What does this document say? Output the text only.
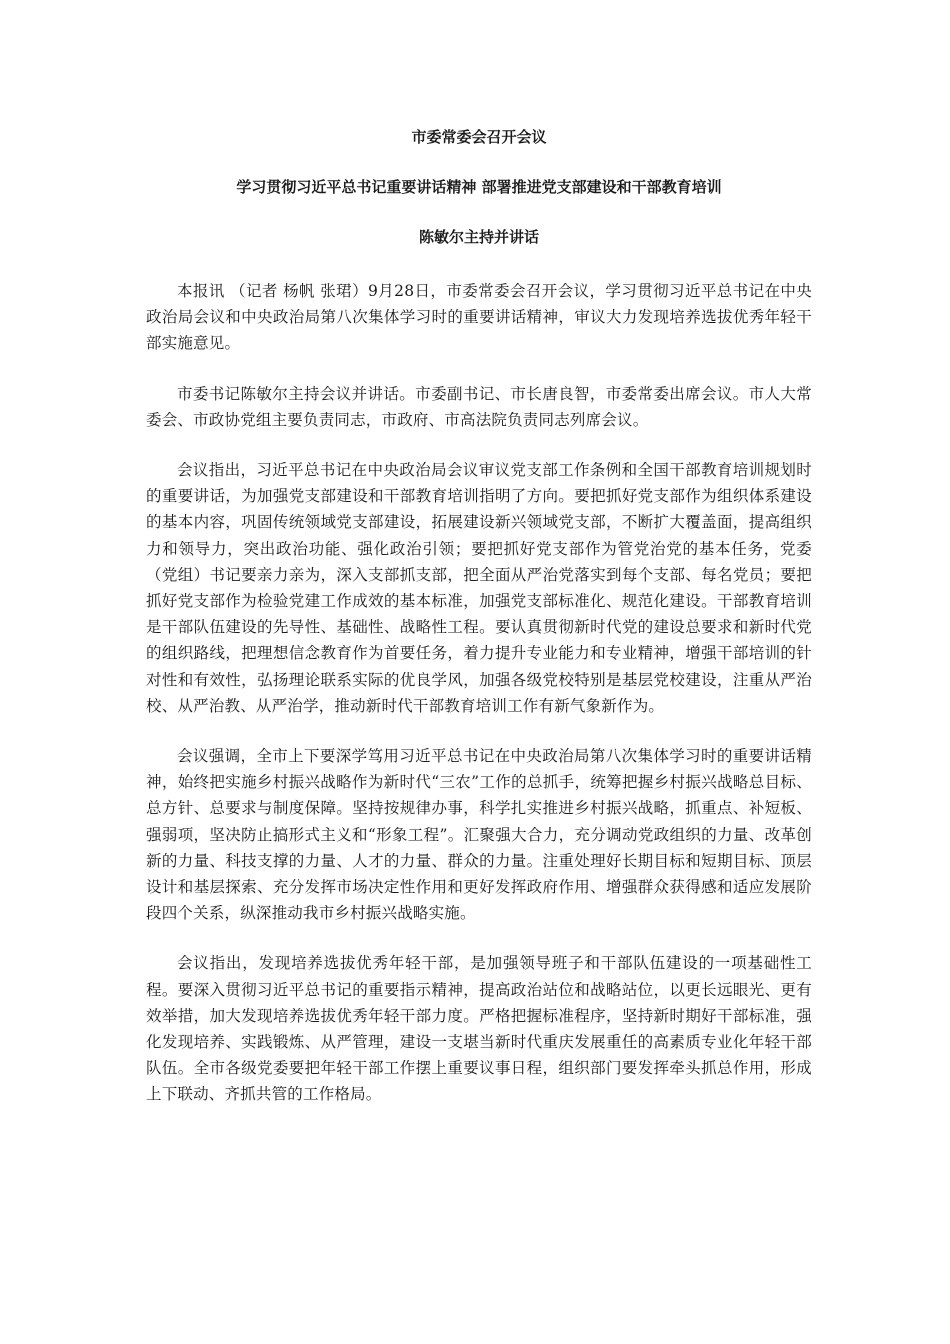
市委常委会召开会议
学习贯彻习近平总书记重要讲话精神 部署推进党支部建设和干部教育培训
陈敏尔主持并讲话

本报讯 （记者 杨帆 张珺）9月28日，市委常委会召开会议，学习贯彻习近平总书记在中央政治局会议和中央政治局第八次集体学习时的重要讲话精神，审议大力发现培养选拔优秀年轻干部实施意见。

市委书记陈敏尔主持会议并讲话。市委副书记、市长唐良智，市委常委出席会议。市人大常委会、市政协党组主要负责同志，市政府、市高法院负责同志列席会议。

会议指出，习近平总书记在中央政治局会议审议党支部工作条例和全国干部教育培训规划时的重要讲话，为加强党支部建设和干部教育培训指明了方向。要把抓好党支部作为组织体系建设的基本内容，巩固传统领域党支部建设，拓展建设新兴领域党支部，不断扩大覆盖面，提高组织力和领导力，突出政治功能、强化政治引领；要把抓好党支部作为管党治党的基本任务，党委（党组）书记要亲力亲为，深入支部抓支部，把全面从严治党落实到每个支部、每名党员；要把抓好党支部作为检验党建工作成效的基本标准，加强党支部标准化、规范化建设。干部教育培训是干部队伍建设的先导性、基础性、战略性工程。要认真贯彻新时代党的建设总要求和新时代党的组织路线，把理想信念教育作为首要任务，着力提升专业能力和专业精神，增强干部培训的针对性和有效性，弘扬理论联系实际的优良学风，加强各级党校特别是基层党校建设，注重从严治校、从严治教、从严治学，推动新时代干部教育培训工作有新气象新作为。

会议强调，全市上下要深学笃用习近平总书记在中央政治局第八次集体学习时的重要讲话精神，始终把实施乡村振兴战略作为新时代“三农”工作的总抓手，统筹把握乡村振兴战略总目标、总方针、总要求与制度保障。坚持按规律办事，科学扎实推进乡村振兴战略，抓重点、补短板、强弱项，坚决防止搞形式主义和“形象工程”。汇聚强大合力，充分调动党政组织的力量、改革创新的力量、科技支撑的力量、人才的力量、群众的力量。注重处理好长期目标和短期目标、顶层设计和基层探索、充分发挥市场决定性作用和更好发挥政府作用、增强群众获得感和适应发展阶段四个关系，纵深推动我市乡村振兴战略实施。

会议指出，发现培养选拔优秀年轻干部，是加强领导班子和干部队伍建设的一项基础性工程。要深入贯彻习近平总书记的重要指示精神，提高政治站位和战略站位，以更长远眼光、更有效举措，加大发现培养选拔优秀年轻干部力度。严格把握标准程序，坚持新时期好干部标准，强化发现培养、实践锻炼、从严管理，建设一支堪当新时代重庆发展重任的高素质专业化年轻干部队伍。全市各级党委要把年轻干部工作摆上重要议事日程，组织部门要发挥牵头抓总作用，形成上下联动、齐抓共管的工作格局。
